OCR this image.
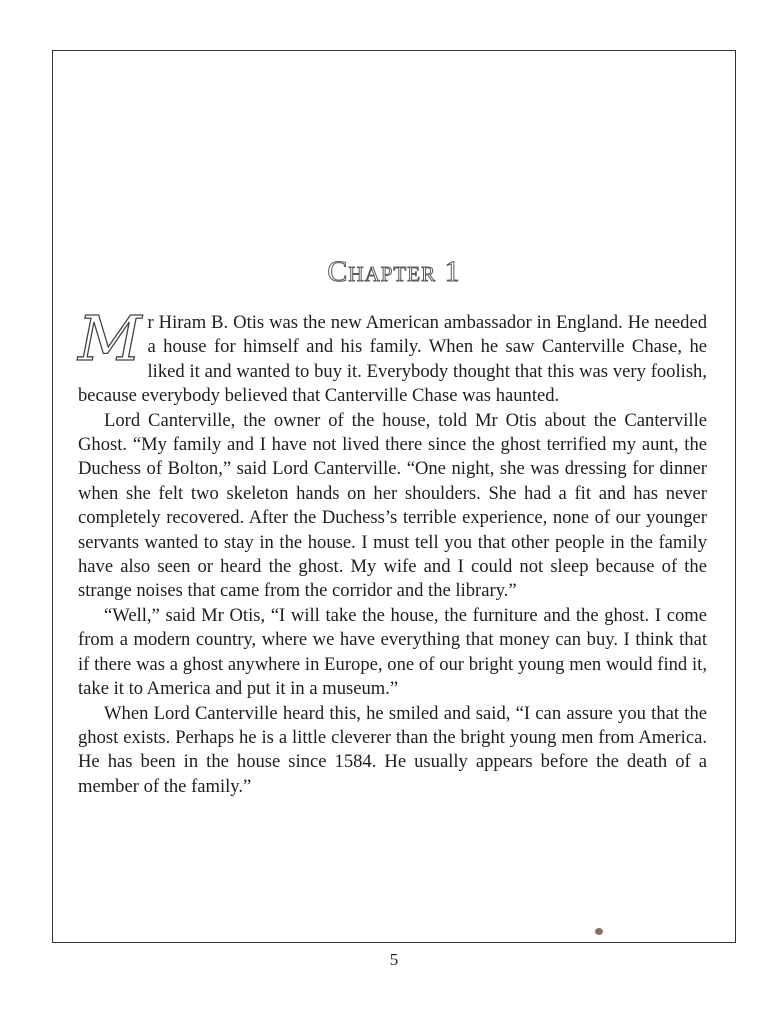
Chapter 1

Mr Hiram B. Otis was the new American ambassador in England. He needed a house for himself and his family. When he saw Canterville Chase, he liked it and wanted to buy it. Everybody thought that this was very foolish, because everybody believed that Canterville Chase was haunted.

Lord Canterville, the owner of the house, told Mr Otis about the Canterville Ghost. “My family and I have not lived there since the ghost terrified my aunt, the Duchess of Bolton,” said Lord Canterville. “One night, she was dressing for dinner when she felt two skeleton hands on her shoulders. She had a fit and has never completely recovered. After the Duchess’s terrible experience, none of our younger servants wanted to stay in the house. I must tell you that other people in the family have also seen or heard the ghost. My wife and I could not sleep because of the strange noises that came from the corridor and the library.”

“Well,” said Mr Otis, “I will take the house, the furniture and the ghost. I come from a modern country, where we have everything that money can buy. I think that if there was a ghost anywhere in Europe, one of our bright young men would find it, take it to America and put it in a museum.”

When Lord Canterville heard this, he smiled and said, “I can assure you that the ghost exists. Perhaps he is a little cleverer than the bright young men from America. He has been in the house since 1584. He usually appears before the death of a member of the family.”

5
